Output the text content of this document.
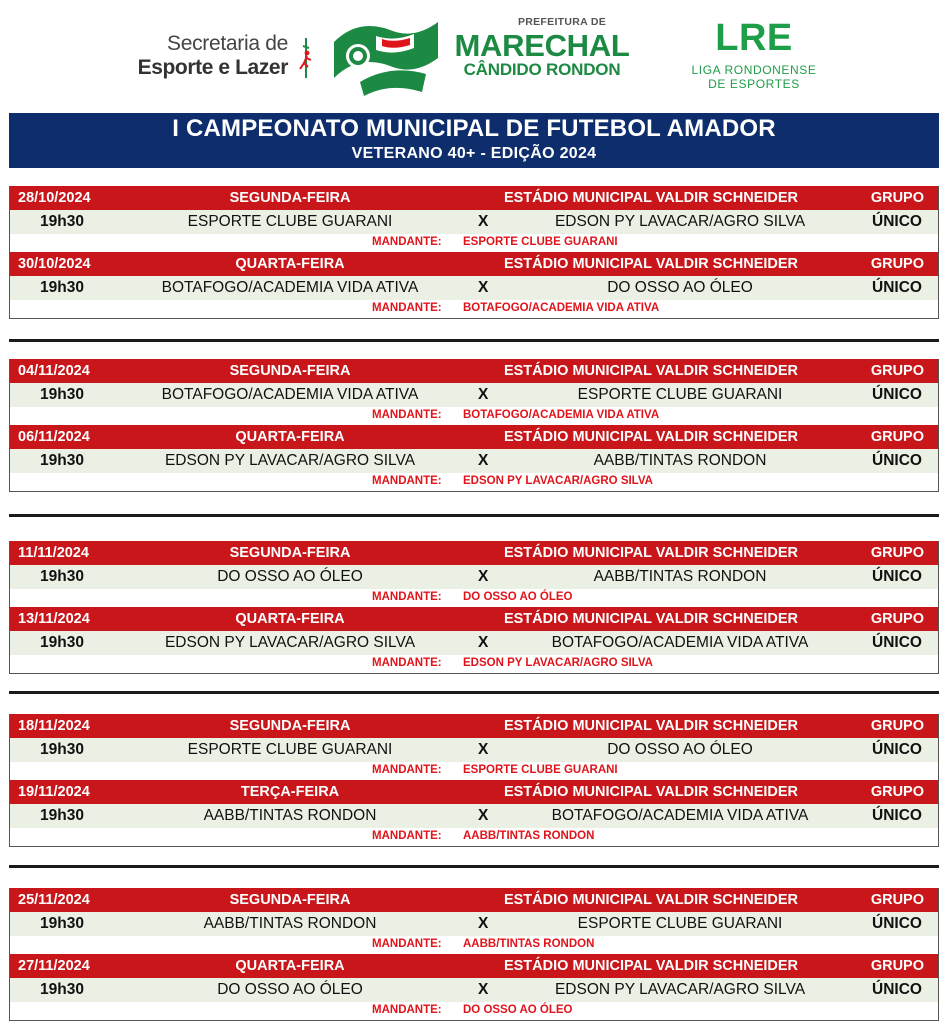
Secretaria de
Esporte e Lazer
PREFEITURA DE
MARECHAL
CÂNDIDO RONDON
LRE
LIGA RONDONENSE
DE ESPORTES
I CAMPEONATO MUNICIPAL DE FUTEBOL AMADOR
VETERANO 40+ - EDIÇÃO 2024
28/10/2024	SEGUNDA-FEIRA	ESTÁDIO MUNICIPAL VALDIR SCHNEIDER	GRUPO
19h30	ESPORTE CLUBE GUARANI	X	EDSON PY LAVACAR/AGRO SILVA	ÚNICO
MANDANTE: ESPORTE CLUBE GUARANI
30/10/2024	QUARTA-FEIRA	ESTÁDIO MUNICIPAL VALDIR SCHNEIDER	GRUPO
19h30	BOTAFOGO/ACADEMIA VIDA ATIVA	X	DO OSSO AO ÓLEO	ÚNICO
MANDANTE: BOTAFOGO/ACADEMIA VIDA ATIVA
04/11/2024	SEGUNDA-FEIRA	ESTÁDIO MUNICIPAL VALDIR SCHNEIDER	GRUPO
19h30	BOTAFOGO/ACADEMIA VIDA ATIVA	X	ESPORTE CLUBE GUARANI	ÚNICO
MANDANTE: BOTAFOGO/ACADEMIA VIDA ATIVA
06/11/2024	QUARTA-FEIRA	ESTÁDIO MUNICIPAL VALDIR SCHNEIDER	GRUPO
19h30	EDSON PY LAVACAR/AGRO SILVA	X	AABB/TINTAS RONDON	ÚNICO
MANDANTE: EDSON PY LAVACAR/AGRO SILVA
11/11/2024	SEGUNDA-FEIRA	ESTÁDIO MUNICIPAL VALDIR SCHNEIDER	GRUPO
19h30	DO OSSO AO ÓLEO	X	AABB/TINTAS RONDON	ÚNICO
MANDANTE: DO OSSO AO ÓLEO
13/11/2024	QUARTA-FEIRA	ESTÁDIO MUNICIPAL VALDIR SCHNEIDER	GRUPO
19h30	EDSON PY LAVACAR/AGRO SILVA	X	BOTAFOGO/ACADEMIA VIDA ATIVA	ÚNICO
MANDANTE: EDSON PY LAVACAR/AGRO SILVA
18/11/2024	SEGUNDA-FEIRA	ESTÁDIO MUNICIPAL VALDIR SCHNEIDER	GRUPO
19h30	ESPORTE CLUBE GUARANI	X	DO OSSO AO ÓLEO	ÚNICO
MANDANTE: ESPORTE CLUBE GUARANI
19/11/2024	TERÇA-FEIRA	ESTÁDIO MUNICIPAL VALDIR SCHNEIDER	GRUPO
19h30	AABB/TINTAS RONDON	X	BOTAFOGO/ACADEMIA VIDA ATIVA	ÚNICO
MANDANTE: AABB/TINTAS RONDON
25/11/2024	SEGUNDA-FEIRA	ESTÁDIO MUNICIPAL VALDIR SCHNEIDER	GRUPO
19h30	AABB/TINTAS RONDON	X	ESPORTE CLUBE GUARANI	ÚNICO
MANDANTE: AABB/TINTAS RONDON
27/11/2024	QUARTA-FEIRA	ESTÁDIO MUNICIPAL VALDIR SCHNEIDER	GRUPO
19h30	DO OSSO AO ÓLEO	X	EDSON PY LAVACAR/AGRO SILVA	ÚNICO
MANDANTE: DO OSSO AO ÓLEO
